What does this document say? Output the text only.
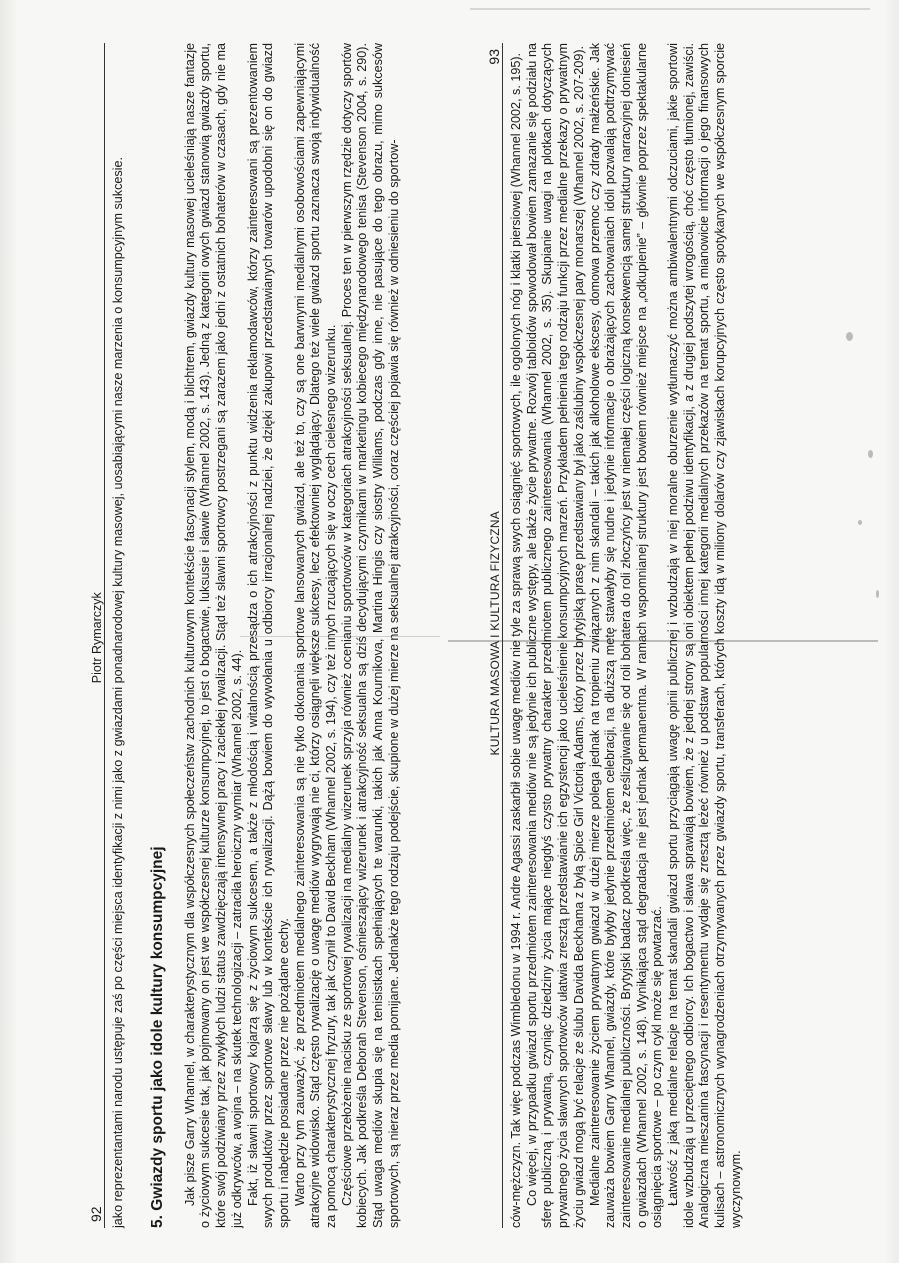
92
Piotr Rymarczyk jako reprezentantami narodu ustępuje zaś po części miejsca identyfikacji z nimi jako z gwiazdami ponadnarodowej kultury masowej, uosabiającymi nasze marzenia o konsumpcyjnym sukcesie. 5. Gwiazdy sportu jako idole kultury konsumpcyjnej Jak pisze Garry Whannel, w charakterystycznym dla współczesnych społeczeństw zachodnich kulturowym kontekście fascynacji stylem, modą i blichtrem, gwiazdy kultury masowej ucieleśniają nasze fantazje o życiowym sukcesie tak, jak pojmowany on jest we współczesnej kulturze konsumpcyjnej, to jest o bogactwie, luksusie i sławie (Whannel 2002, s. 143). Jedną z kategorii owych gwiazd stanowią gwiazdy sportu, które swój podziwiany przez zwykłych ludzi status zawdzięczają intensywnej pracy i zaciekłej rywalizacji. Stąd też sławni sportowcy postrzegani są zarazem jako jedni z ostatnich bohaterów w czasach, gdy nie ma już odkrywców, a wojna – na skutek technologizacji – zatraciła heroiczny wymiar (Whannel 2002, s. 44). Fakt, iż sławni sportowcy kojarzą się z życiowym sukcesem, a także z młodością i witalnością przesądza o ich atrakcyjności z punktu widzenia reklamodawców, którzy zainteresowani są prezentowaniem swych produktów przez sportowe sławy lub w kontekście ich rywalizacji. Dążą bowiem do wywołania u odbiorcy irracjonalnej nadziei, że dzięki zakupowi przedstawianych towarów upodobni się on do gwiazd sportu i nabędzie posiadane przez nie pożądane cechy. Warto przy tym zauważyć, że przedmiotem medialnego zainteresowania są nie tylko dokonania sportowe lansowanych gwiazd, ale też to, czy są one barwnymi medialnymi osobowościami zapewniającymi atrakcyjne widowisko. Stąd często rywalizację o uwagę mediów wygrywają nie ci, którzy osiągnęli większe sukcesy, lecz efektowniej wyglądający. Dlatego też wiele gwiazd sportu zaznacza swoją indywidualność za pomocą charakterystycznej fryzury, tak jak czynił to David Beckham (Whannel 2002, s. 194), czy też innych rzucających się w oczy cech cielesnego wizerunku. Częściowe przełożenie nacisku ze sportowej rywalizacji na medialny wizerunek sprzyja również ocenianiu sportowców w kategoriach atrakcyjności seksualnej. Proces ten w pierwszym rzędzie dotyczy sportów kobiecych. Jak podkreśla Deborah Stevenson, ośmieszający wizerunek i atrakcyjność seksualna są dziś decydującymi czynnikami w marketingu kobiecego międzynarodowego tenisa (Stevenson 2004, s. 290). Stąd uwaga mediów skupia się na tenisistkach spełniających te warunki, takich jak Anna Kournikova, Martina Hingis czy siostry Williams, podczas gdy inne, nie pasujące do tego obrazu, mimo sukcesów sportowych, są nieraz przez media pomijane. Jednakże tego rodzaju podejście, skupione w dużej mierze na seksualnej atrakcyjności, coraz częściej pojawia się również w odniesieniu do sportow-	KULTURA MASOWA I KULTURA FIZYCZNA
93 ców-mężczyzn. Tak więc podczas Wimbledonu w 1994 r. Andre Agassi zaskarbił sobie uwagę mediów nie tyle za sprawą swych osiągnięć sportowych, ile ogolonych nóg i klatki piersiowej (Whannel 2002, s. 195). Co więcej, w przypadku gwiazd sportu przedmiotem zainteresowania mediów nie są jedynie ich publiczne występy, ale także życie prywatne. Rozwój tabloidów spowodował bowiem zamazanie się podziału na sferę publiczną i prywatną, czyniąc dziedziny życia mające niegdyś czysto prywatny charakter przedmiotem publicznego zainteresowania (Whannel 2002, s. 35). Skupianie uwagi na plotkach dotyczących prywatnego życia sławnych sportowców ułatwia zresztą przedstawianie ich egzystencji jako ucieleśnienie konsumpcyjnych marzeń. Przykładem pełnienia tego rodzaju funkcji przez medialne przekazy o prywatnym życiu gwiazd mogą być relacje ze ślubu Davida Beckhama z byłą Spice Girl Victorią Adams, który przez brytyjską prasę przedstawiany był jako zaślubiny współczesnej pary monarszej (Whannel 2002, s. 207-209). Medialne zainteresowanie życiem prywatnym gwiazd w dużej mierze polega jednak na tropieniu związanych z nim skandali – takich jak alkoholowe ekscesy, domowa przemoc czy zdrady małżeńskie. Jak zauważa bowiem Garry Whannel, gwiazdy, które byłyby jedynie przedmiotem celebracji, na dłuższą metę stawałyby się nudne i jedynie informacje o obrażających zachowaniach idoli pozwalają podtrzymywać zainteresowanie medialnej publiczności. Brytyjski badacz podkreśla więc, że ześlizgiwanie się od roli bohatera do roli złoczyńcy jest w niemałej części logiczną konsekwencją samej struktury narracyjnej doniesień o gwiazdach (Whannel 2002, s. 148). Wynikająca stąd degradacja nie jest jednak permanentna. W ramach wspomnianej struktury jest bowiem również miejsce na „odkupienie” – głównie poprzez spektakularne osiągnięcia sportowe – po czym cykl może się powtarzać. Łatwość z jaką medialne relacje na temat skandali gwiazd sportu przyciągają uwagę opinii publicznej i wzbudzają w niej moralne oburzenie wytłumaczyć można ambiwalentnymi odczuciami, jakie sportowi idole wzbudzają u przeciętnego odbiorcy. Ich bogactwo i sława sprawiają bowiem, że z jednej strony są oni obiektem pełnej podziwu identyfikacji, a z drugiej podszytej wrogością, choć często tłumionej, zawiści. Analogiczna mieszanina fascynacji i resentymentu wydaje się zresztą leżeć również u podstaw popularności innej kategorii medialnych przekazów na temat sportu, a mianowicie informacji o jego finansowych kulisach – astronomicznych wynagrodzeniach otrzymywanych przez gwiazdy sportu, transferach, których koszty idą w miliony dolarów czy zjawiskach korupcyjnych często spotykanych we współczesnym sporcie wyczynowym.
